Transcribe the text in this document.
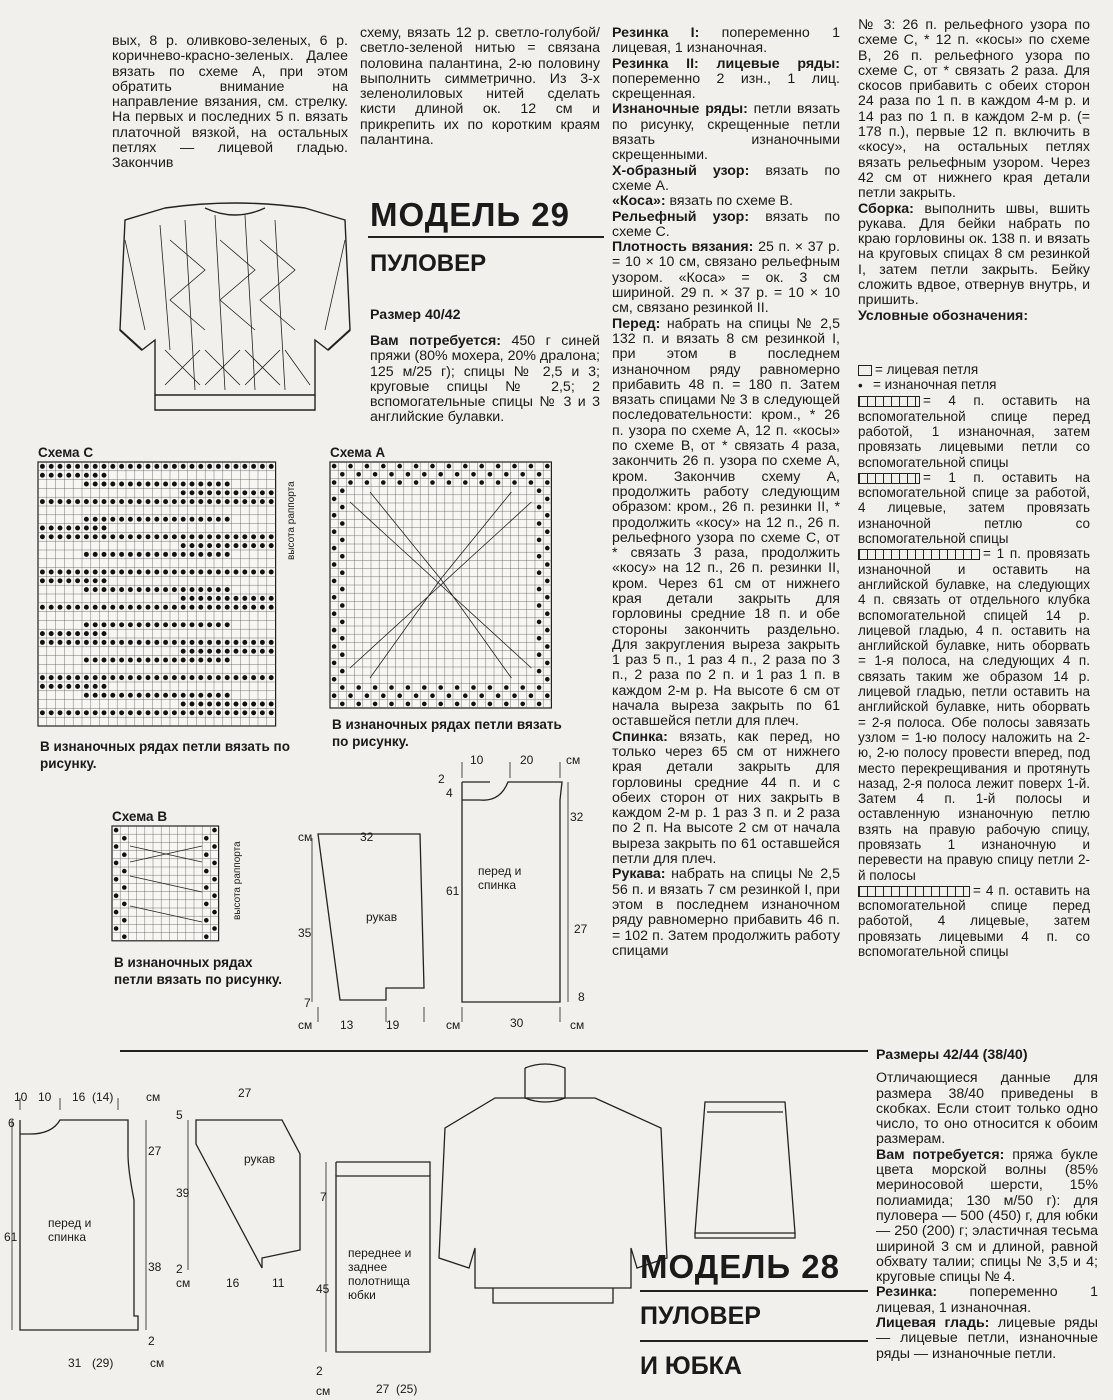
вых, 8 р. оливково-зеленых, 6 р. коричнево-красно-зеленых. Далее вязать по схеме А, при этом обратить внимание на направление вязания, см. стрелку. На первых и последних 5 п. вязать платочной вязкой, на остальных петлях — лицевой гладью. Закончив

схему, вязать 12 р. светло-голубой/светло-зеленой нитью = связана половина палантина, 2-ю половину выполнить симметрично. Из 3-х зеленолиловых нитей сделать кисти длиной ок. 12 см и прикрепить их по коротким краям палантина.

МОДЕЛЬ 29
ПУЛОВЕР
Размер 40/42
Вам потребуется: 450 г синей пряжи (80% мохера, 20% дралона; 125 м/25 г); спицы № 2,5 и 3; круговые спицы № 2,5; 2 вспомогательные спицы № 3 и 3 английские булавки.

Резинка I: попеременно 1 лицевая, 1 изнаночная.

Резинка II: лицевые ряды: попеременно 2 изн., 1 лиц. скрещенная.

Изнаночные ряды: петли вязать по рисунку, скрещенные петли вязать изнаночными скрещенными.

Х-образный узор: вязать по схеме А.

«Коса»: вязать по схеме В.

Рельефный узор: вязать по схеме С.

Плотность вязания: 25 п. × 37 р. = 10 × 10 см, связано рельефным узором. «Коса» = ок. 3 см шириной. 29 п. × 37 р. = 10 × 10 см, связано резинкой II.

Перед: набрать на спицы № 2,5 132 п. и вязать 8 см резинкой I, при этом в последнем изнаночном ряду равномерно прибавить 48 п. = 180 п. Затем вязать спицами № 3 в следующей последовательности: кром., * 26 п. узора по схеме А, 12 п. «косы» по схеме В, от * связать 4 раза, закончить 26 п. узора по схеме А, кром. Закончив схему А, продолжить работу следующим образом: кром., 26 п. резинки II, * продолжить «косу» на 12 п., 26 п. рельефного узора по схеме С, от * связать 3 раза, продолжить «косу» на 12 п., 26 п. резинки II, кром. Через 61 см от нижнего края детали закрыть для горловины средние 18 п. и обе стороны закончить раздельно. Для закругления выреза закрыть 1 раз 5 п., 1 раз 4 п., 2 раза по 3 п., 2 раза по 2 п. и 1 раз 1 п. в каждом 2-м р. На высоте 6 см от начала выреза закрыть по 61 оставшейся петли для плеч.

Спинка: вязать, как перед, но только через 65 см от нижнего края детали закрыть для горловины средние 44 п. и с обеих сторон от них закрыть в каждом 2-м р. 1 раз 3 п. и 2 раза по 2 п. На высоте 2 см от начала выреза закрыть по 61 оставшейся петли для плеч.

Рукава: набрать на спицы № 2,5 56 п. и вязать 7 см резинкой I, при этом в последнем изнаночном ряду равномерно прибавить 46 п. = 102 п. Затем продолжить работу спицами

№ 3: 26 п. рельефного узора по схеме С, * 12 п. «косы» по схеме В, 26 п. рельефного узора по схеме С, от * связать 2 раза. Для скосов прибавить с обеих сторон 24 раза по 1 п. в каждом 4-м р. и 14 раз по 1 п. в каждом 2-м р. (= 178 п.), первые 12 п. включить в «косу», на остальных петлях вязать рельефным узором. Через 42 см от нижнего края детали петли закрыть.

Сборка: выполнить швы, вшить рукава. Для бейки набрать по краю горловины ок. 138 п. и вязать на круговых спицах 8 см резинкой I, затем петли закрыть. Бейку сложить вдвое, отвернув внутрь, и пришить.

Условные обозначения:

= лицевая петля

• = изнаночная петля

= 4 п. оставить на вспомогательной спице перед работой, 1 изнаночная, затем провязать лицевыми петли со вспомогательной спицы

= 1 п. оставить на вспомогательной спице за работой, 4 лицевые, затем провязать изнаночной петлю со вспомогательной спицы

= 1 п. провязать изнаночной и оставить на английской булавке, на следующих 4 п. связать от отдельного клубка вспомогательной спицей 14 р. лицевой гладью, 4 п. оставить на английской булавке, нить оборвать = 1-я полоса, на следующих 4 п. связать таким же образом 14 р. лицевой гладью, петли оставить на английской булавке, нить оборвать = 2-я полоса. Обе полосы завязать узлом = 1-ю полосу наложить на 2-ю, 2-ю полосу провести вперед, под место перекрещивания и протянуть назад, 2-я полоса лежит поверх 1-й. Затем 4 п. 1-й полосы и оставленную изнаночную петлю взять на правую рабочую спицу, провязать 1 изнаночную и перевести на правую спицу петли 2-й полосы

= 4 п. оставить на вспомогательной спице перед работой, 4 лицевые, затем провязать лицевыми 4 п. со вспомогательной спицы

Схема С
высота раппорта
В изнаночных рядах петли вязать по рисунку.
Схема А
В изнаночных рядах петли вязать по рисунку.
Схема В
высота раппорта
В изнаночных рядах петли вязать по рисунку.
10	20	см
2
4
см	32
32
61
перед и спинка
рукав
35	27
7	8
см 13	19	см	30	см
10 10 16 (14)	см
6
27
61
перед и спинка
38
2
31 (29)	см
27
5
рукав
39
2
см	16	11
7
переднее и заднее полотнища юбки
45
2
см	27 (25)
МОДЕЛЬ 28
ПУЛОВЕР
И ЮБКА

Размеры 42/44 (38/40)

Отличающиеся данные для размера 38/40 приведены в скобках. Если стоит только одно число, то оно относится к обоим размерам.

Вам потребуется: пряжа букле цвета морской волны (85% мериносовой шерсти, 15% полиамида; 130 м/50 г): для пуловера — 500 (450) г, для юбки — 250 (200) г; эластичная тесьма шириной 3 см и длиной, равной обхвату талии; спицы № 3,5 и 4; круговые спицы № 4.

Резинка: попеременно 1 лицевая, 1 изнаночная.

Лицевая гладь: лицевые ряды — лицевые петли, изнаночные ряды — изнаночные петли.
